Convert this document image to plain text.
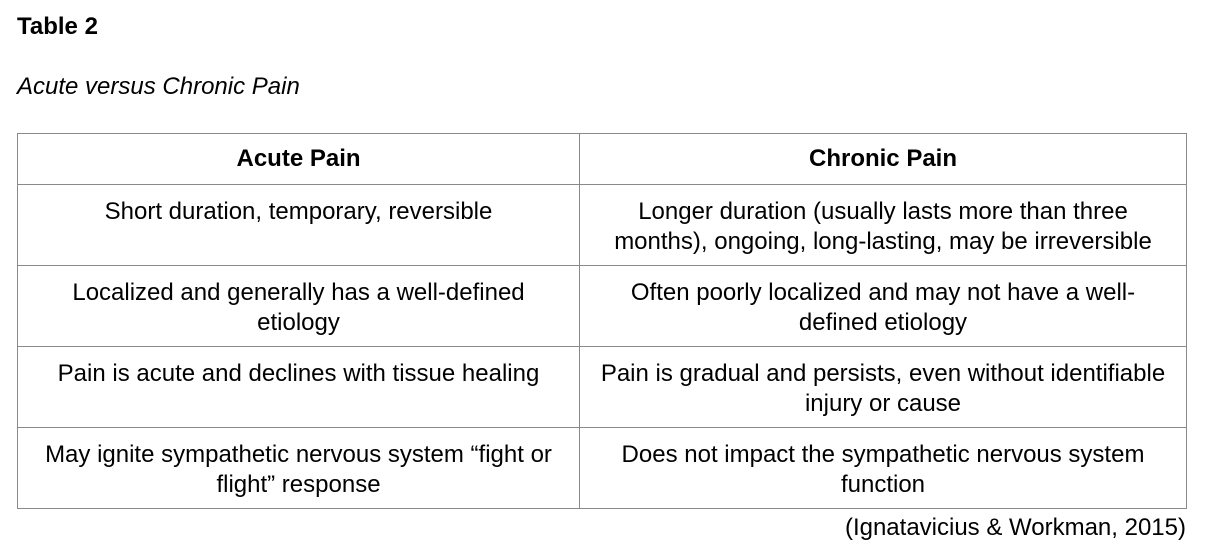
Table 2

Acute versus Chronic Pain

Acute Pain	Chronic Pain
Short duration, temporary, reversible	Longer duration (usually lasts more than three months), ongoing, long-lasting, may be irreversible
Localized and generally has a well-defined etiology	Often poorly localized and may not have a well-defined etiology
Pain is acute and declines with tissue healing	Pain is gradual and persists, even without identifiable injury or cause
May ignite sympathetic nervous system “fight or flight” response	Does not impact the sympathetic nervous system function

(Ignatavicius & Workman, 2015)
